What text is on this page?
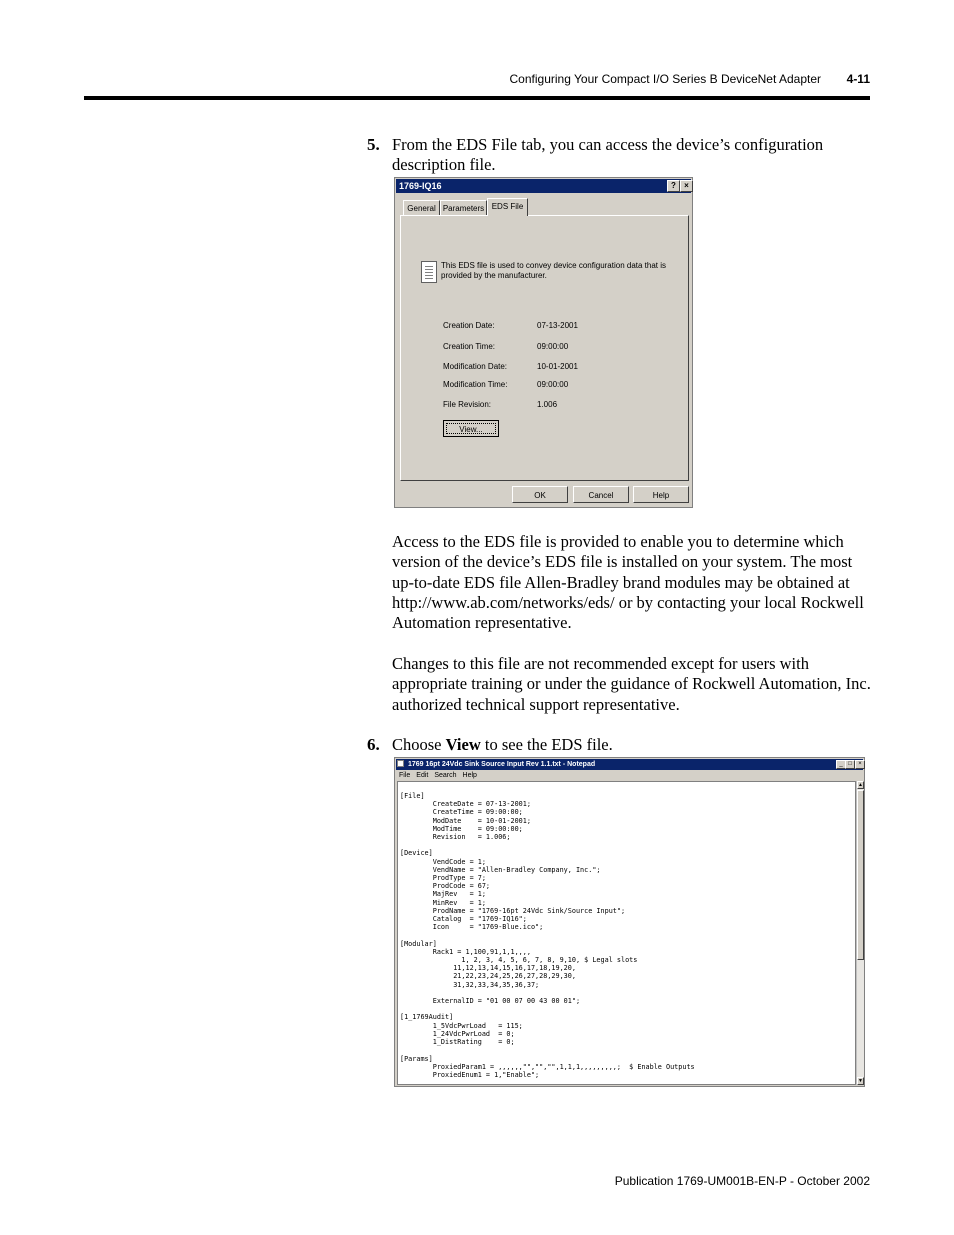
Configuring Your Compact I/O Series B DeviceNet Adapter	4-11
5. From the EDS File tab, you can access the device’s configuration description file.
1769-IQ16	?	×
General Parameters EDS File
This EDS file is used to convey device configuration data that is provided by the manufacturer.
Creation Date:	07-13-2001
Creation Time:	09:00:00
Modification Date:	10-01-2001
Modification Time:	09:00:00
File Revision:	1.006
View...
OK	Cancel	Help
Access to the EDS file is provided to enable you to determine which version of the device’s EDS file is installed on your system. The most up-to-date EDS file Allen-Bradley brand modules may be obtained at http://www.ab.com/networks/eds/ or by contacting your local Rockwell Automation representative.
Changes to this file are not recommended except for users with appropriate training or under the guidance of Rockwell Automation, Inc. authorized technical support representative.
6. Choose View to see the EDS file.
1769 16pt 24Vdc Sink Source Input Rev 1.1.txt - Notepad	_ □	×
File Edit Search Help
[File]
CreateDate = 07-13-2001;
CreateTime = 09:00:00;
ModDate    = 10-01-2001;
ModTime    = 09:00:00;
Revision   = 1.006;

[Device]
VendCode = 1;
VendName = "Allen-Bradley Company, Inc.";
ProdType = 7;
ProdCode = 67;
MajRev   = 1;
MinRev   = 1;
ProdName = "1769-16pt 24Vdc Sink/Source Input";
Catalog  = "1769-IQ16";
Icon     = "1769-Blue.ico";

[Modular]
Rack1 = 1,100,91,1,1,,,,
1, 2, 3, 4, 5, 6, 7, 8, 9,10, $ Legal slots
11,12,13,14,15,16,17,18,19,20,
21,22,23,24,25,26,27,28,29,30,
31,32,33,34,35,36,37;

ExternalID = "01 00 07 00 43 00 01";

[1_1769Audit]
1_5VdcPwrLoad   = 115;
1_24VdcPwrLoad  = 0;
1_DistRating    = 0;

[Params]
ProxiedParam1 = ,,,,,,"","","",1,1,1,,,,,,,,,;  $ Enable Outputs
ProxiedEnum1 = 1,"Enable";
▲
▼
Publication 1769-UM001B-EN-P - October 2002
